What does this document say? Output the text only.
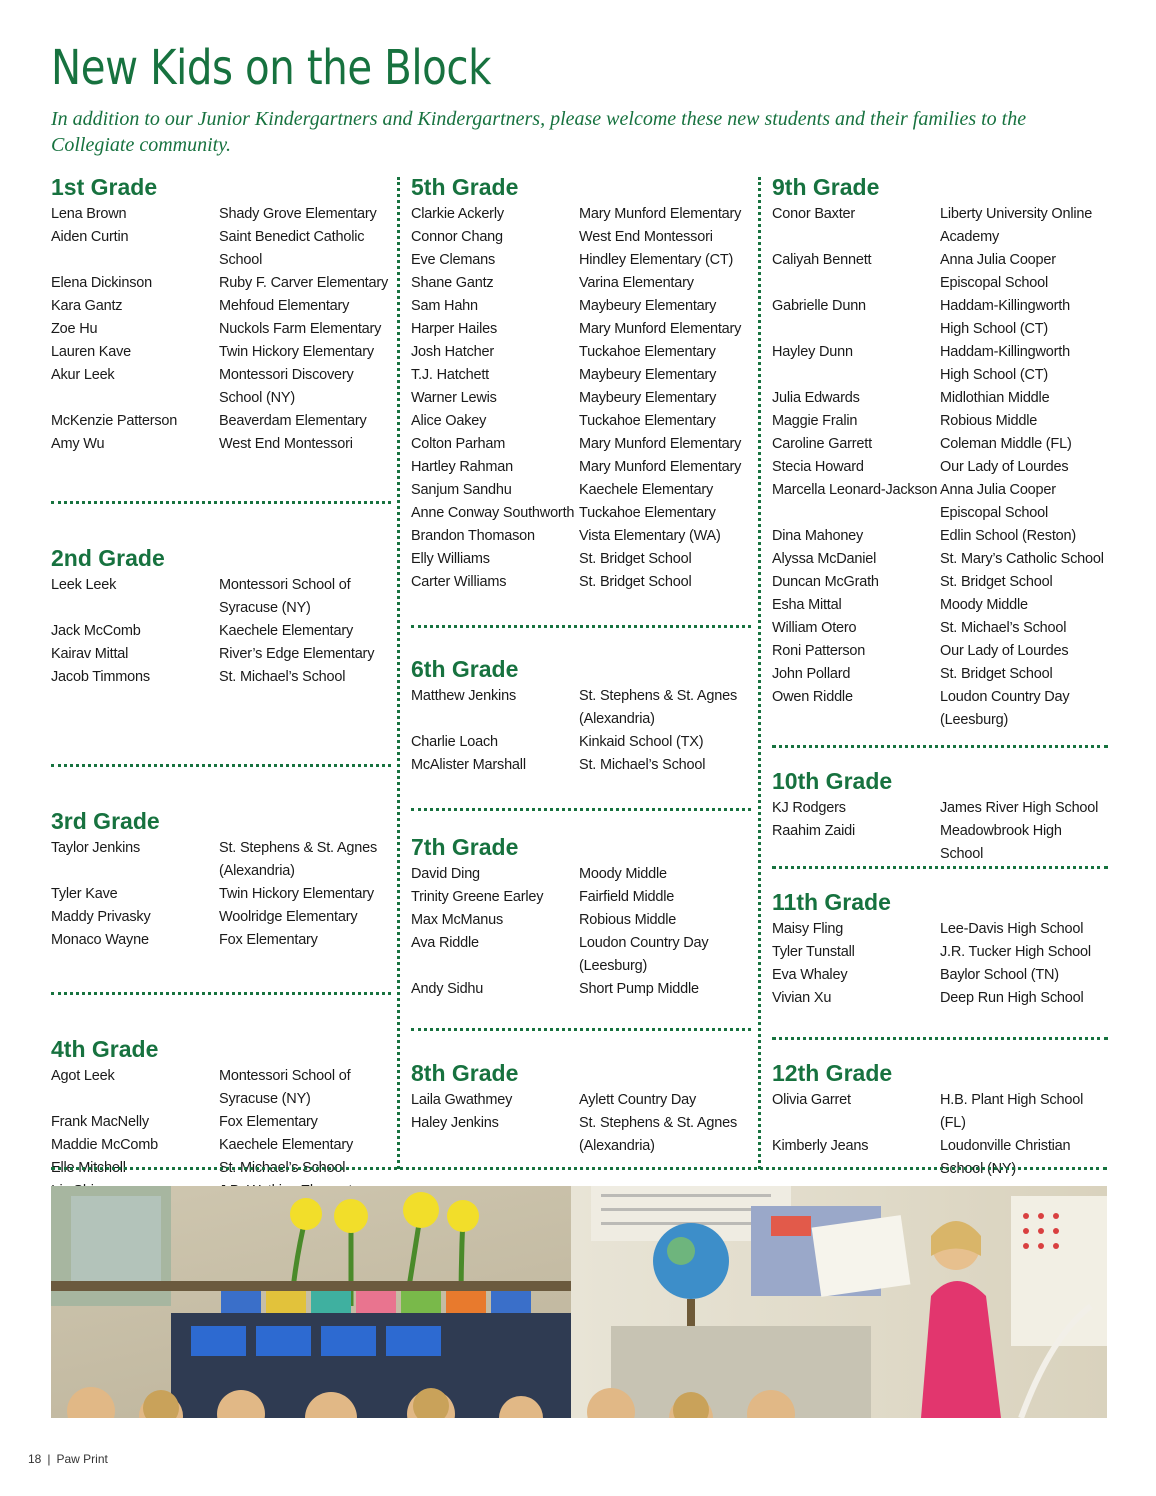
New Kids on the Block

In addition to our Junior Kindergartners and Kindergartners, please welcome these new students and their families to the Collegiate community.

1st Grade
Lena Brown	Shady Grove Elementary
Aiden Curtin	Saint Benedict Catholic
School
Elena Dickinson	Ruby F. Carver Elementary
Kara Gantz	Mehfoud Elementary
Zoe Hu	Nuckols Farm Elementary
Lauren Kave	Twin Hickory Elementary
Akur Leek	Montessori Discovery
School (NY)
McKenzie Patterson	Beaverdam Elementary
Amy Wu	West End Montessori
2nd Grade
Leek Leek	Montessori School of
Syracuse (NY)
Jack McComb	Kaechele Elementary
Kairav Mittal	River’s Edge Elementary
Jacob Timmons	St. Michael’s School
3rd Grade
Taylor Jenkins	St. Stephens & St. Agnes
(Alexandria)
Tyler Kave	Twin Hickory Elementary
Maddy Privasky	Woolridge Elementary
Monaco Wayne	Fox Elementary
4th Grade
Agot Leek	Montessori School of
Syracuse (NY)
Frank MacNelly	Fox Elementary
Maddie McComb	Kaechele Elementary
Elle Mitchell	St. Michael’s School
5th Grade
Clarkie Ackerly	Mary Munford Elementary
Connor Chang	West End Montessori
Eve Clemans	Hindley Elementary (CT)
Shane Gantz	Varina Elementary
Sam Hahn	Maybeury Elementary
Harper Hailes	Mary Munford Elementary
Josh Hatcher	Tuckahoe Elementary
T.J. Hatchett	Maybeury Elementary
Warner Lewis	Maybeury Elementary
Alice Oakey	Tuckahoe Elementary
Colton Parham	Mary Munford Elementary
Hartley Rahman	Mary Munford Elementary
Sanjum Sandhu	Kaechele Elementary
Anne Conway Southworth Tuckahoe Elementary
Brandon Thomason	Vista Elementary (WA)
Elly Williams	St. Bridget School
Carter Williams	St. Bridget School
6th Grade
Matthew Jenkins	St. Stephens & St. Agnes
(Alexandria)
Charlie Loach	Kinkaid School (TX)
McAlister Marshall	St. Michael’s School
7th Grade
David Ding	Moody Middle
Trinity Greene Earley	Fairfield Middle
Max McManus	Robious Middle
Ava Riddle	Loudon Country Day
(Leesburg)
Andy Sidhu	Short Pump Middle
8th Grade
Laila Gwathmey	Aylett Country Day
Haley Jenkins	St. Stephens & St. Agnes
(Alexandria)
9th Grade
Conor Baxter	Liberty University Online
Academy
Caliyah Bennett	Anna Julia Cooper
Episcopal School
Gabrielle Dunn	Haddam-Killingworth
High School (CT)
Hayley Dunn	Haddam-Killingworth
High School (CT)
Julia Edwards	Midlothian Middle
Maggie Fralin	Robious Middle
Caroline Garrett	Coleman Middle (FL)
Stecia Howard	Our Lady of Lourdes
Marcella Leonard-Jackson Anna Julia Cooper
Episcopal School
Dina Mahoney	Edlin School (Reston)
Alyssa McDaniel	St. Mary’s Catholic School
Duncan McGrath	St. Bridget School
Esha Mittal	Moody Middle
William Otero	St. Michael’s School
Roni Patterson	Our Lady of Lourdes
John Pollard	St. Bridget School
Owen Riddle	Loudon Country Day
(Leesburg)
10th Grade
KJ Rodgers	James River High School
Raahim Zaidi	Meadowbrook High School
11th Grade
Maisy Fling	Lee-Davis High School
Tyler Tunstall	J.R. Tucker High School
Eva Whaley	Baylor School (TN)
Vivian Xu	Deep Run High School
12th Grade
Olivia Garret	H.B. Plant High School (FL)
Kimberly Jeans	Loudonville Christian
School (NY)
18 | Paw Print
